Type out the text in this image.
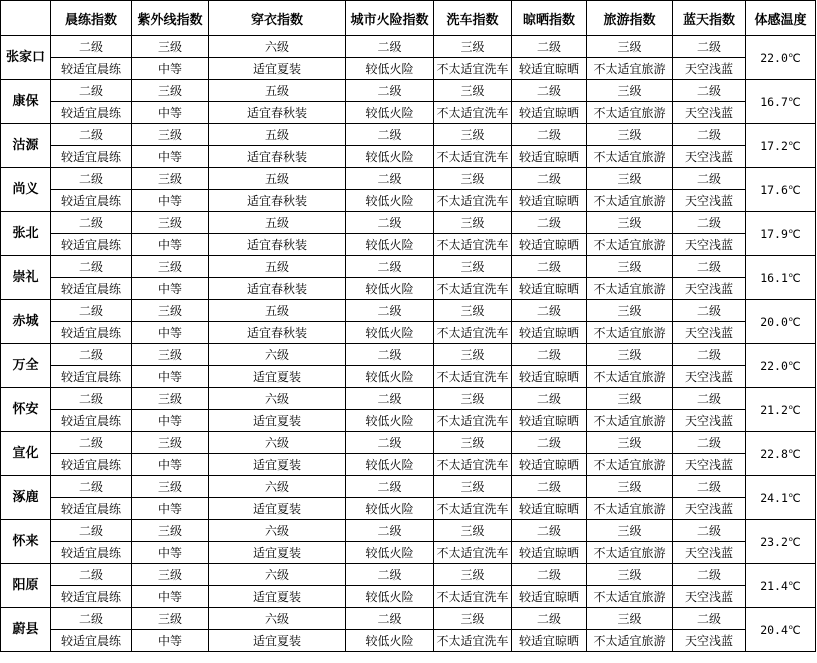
	晨练指数	紫外线指数	穿衣指数	城市火险指数	洗车指数	晾晒指数	旅游指数	蓝天指数	体感温度
张家口	二级	三级	六级	二级	三级	二级	三级	二级	22.0℃
	较适宜晨练	中等	适宜夏装	较低火险	不太适宜洗车	较适宜晾晒	不太适宜旅游	天空浅蓝	
康保	二级	三级	五级	二级	三级	二级	三级	二级	16.7℃
	较适宜晨练	中等	适宜春秋装	较低火险	不太适宜洗车	较适宜晾晒	不太适宜旅游	天空浅蓝	
沽源	二级	三级	五级	二级	三级	二级	三级	二级	17.2℃
	较适宜晨练	中等	适宜春秋装	较低火险	不太适宜洗车	较适宜晾晒	不太适宜旅游	天空浅蓝	
尚义	二级	三级	五级	二级	三级	二级	三级	二级	17.6℃
	较适宜晨练	中等	适宜春秋装	较低火险	不太适宜洗车	较适宜晾晒	不太适宜旅游	天空浅蓝	
张北	二级	三级	五级	二级	三级	二级	三级	二级	17.9℃
	较适宜晨练	中等	适宜春秋装	较低火险	不太适宜洗车	较适宜晾晒	不太适宜旅游	天空浅蓝	
崇礼	二级	三级	五级	二级	三级	二级	三级	二级	16.1℃
	较适宜晨练	中等	适宜春秋装	较低火险	不太适宜洗车	较适宜晾晒	不太适宜旅游	天空浅蓝	
赤城	二级	三级	五级	二级	三级	二级	三级	二级	20.0℃
	较适宜晨练	中等	适宜春秋装	较低火险	不太适宜洗车	较适宜晾晒	不太适宜旅游	天空浅蓝	
万全	二级	三级	六级	二级	三级	二级	三级	二级	22.0℃
	较适宜晨练	中等	适宜夏装	较低火险	不太适宜洗车	较适宜晾晒	不太适宜旅游	天空浅蓝	
怀安	二级	三级	六级	二级	三级	二级	三级	二级	21.2℃
	较适宜晨练	中等	适宜夏装	较低火险	不太适宜洗车	较适宜晾晒	不太适宜旅游	天空浅蓝	
宣化	二级	三级	六级	二级	三级	二级	三级	二级	22.8℃
	较适宜晨练	中等	适宜夏装	较低火险	不太适宜洗车	较适宜晾晒	不太适宜旅游	天空浅蓝	
涿鹿	二级	三级	六级	二级	三级	二级	三级	二级	24.1℃
	较适宜晨练	中等	适宜夏装	较低火险	不太适宜洗车	较适宜晾晒	不太适宜旅游	天空浅蓝	
怀来	二级	三级	六级	二级	三级	二级	三级	二级	23.2℃
	较适宜晨练	中等	适宜夏装	较低火险	不太适宜洗车	较适宜晾晒	不太适宜旅游	天空浅蓝	
阳原	二级	三级	六级	二级	三级	二级	三级	二级	21.4℃
	较适宜晨练	中等	适宜夏装	较低火险	不太适宜洗车	较适宜晾晒	不太适宜旅游	天空浅蓝	
蔚县	二级	三级	六级	二级	三级	二级	三级	二级	20.4℃
	较适宜晨练	中等	适宜夏装	较低火险	不太适宜洗车	较适宜晾晒	不太适宜旅游	天空浅蓝	
